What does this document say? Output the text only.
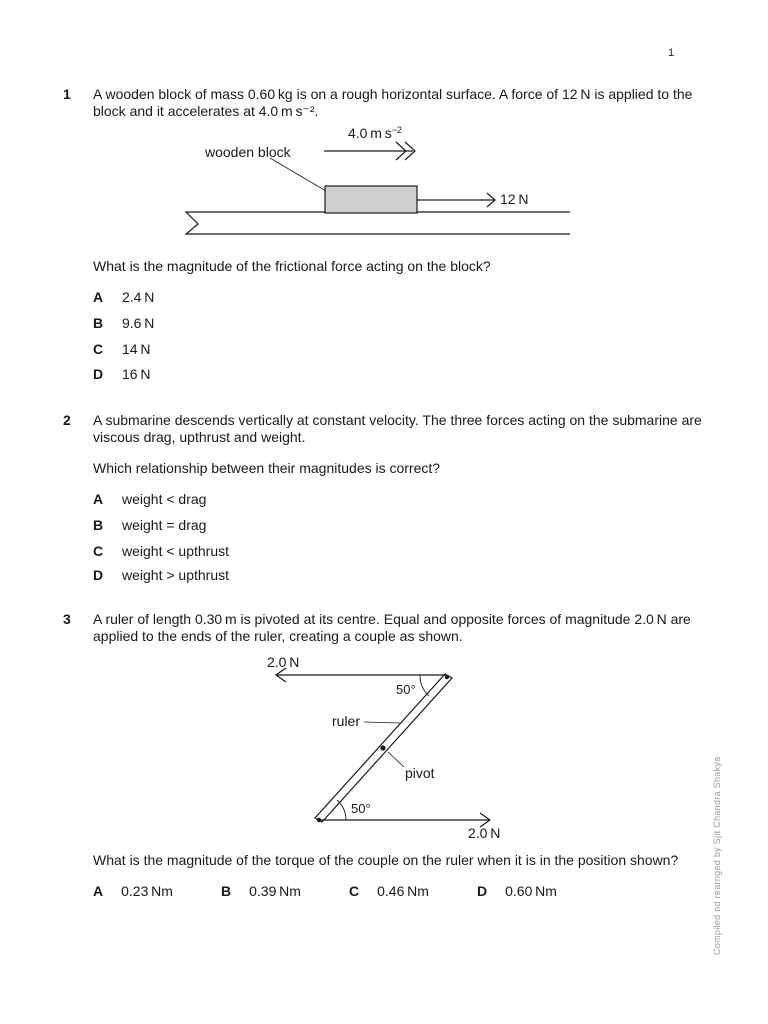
1
1 A wooden block of mass 0.60 kg is on a rough horizontal surface. A force of 12 N is applied to the block and it accelerates at 4.0 m s⁻².
wooden block
4.0 m $s^{-2}$
12 N
What is the magnitude of the frictional force acting on the block?
A 2.4 N
B 9.6 N
C 14 N
D 16 N
2 A submarine descends vertically at constant velocity. The three forces acting on the submarine are viscous drag, upthrust and weight.
Which relationship between their magnitudes is correct?
A weight < drag
B weight = drag
C weight < upthrust
D weight > upthrust
3 A ruler of length 0.30 m is pivoted at its centre. Equal and opposite forces of magnitude 2.0 N are applied to the ends of the ruler, creating a couple as shown.
2.0 N
50°
ruler
pivot
2.0 N
50°
What is the magnitude of the torque of the couple on the ruler when it is in the position shown?
A 0.23 Nm	B 0.39 Nm	C 0.46 Nm	D 0.60 Nm	Compiled nd rearnged by Sjit Chandra Shakya
